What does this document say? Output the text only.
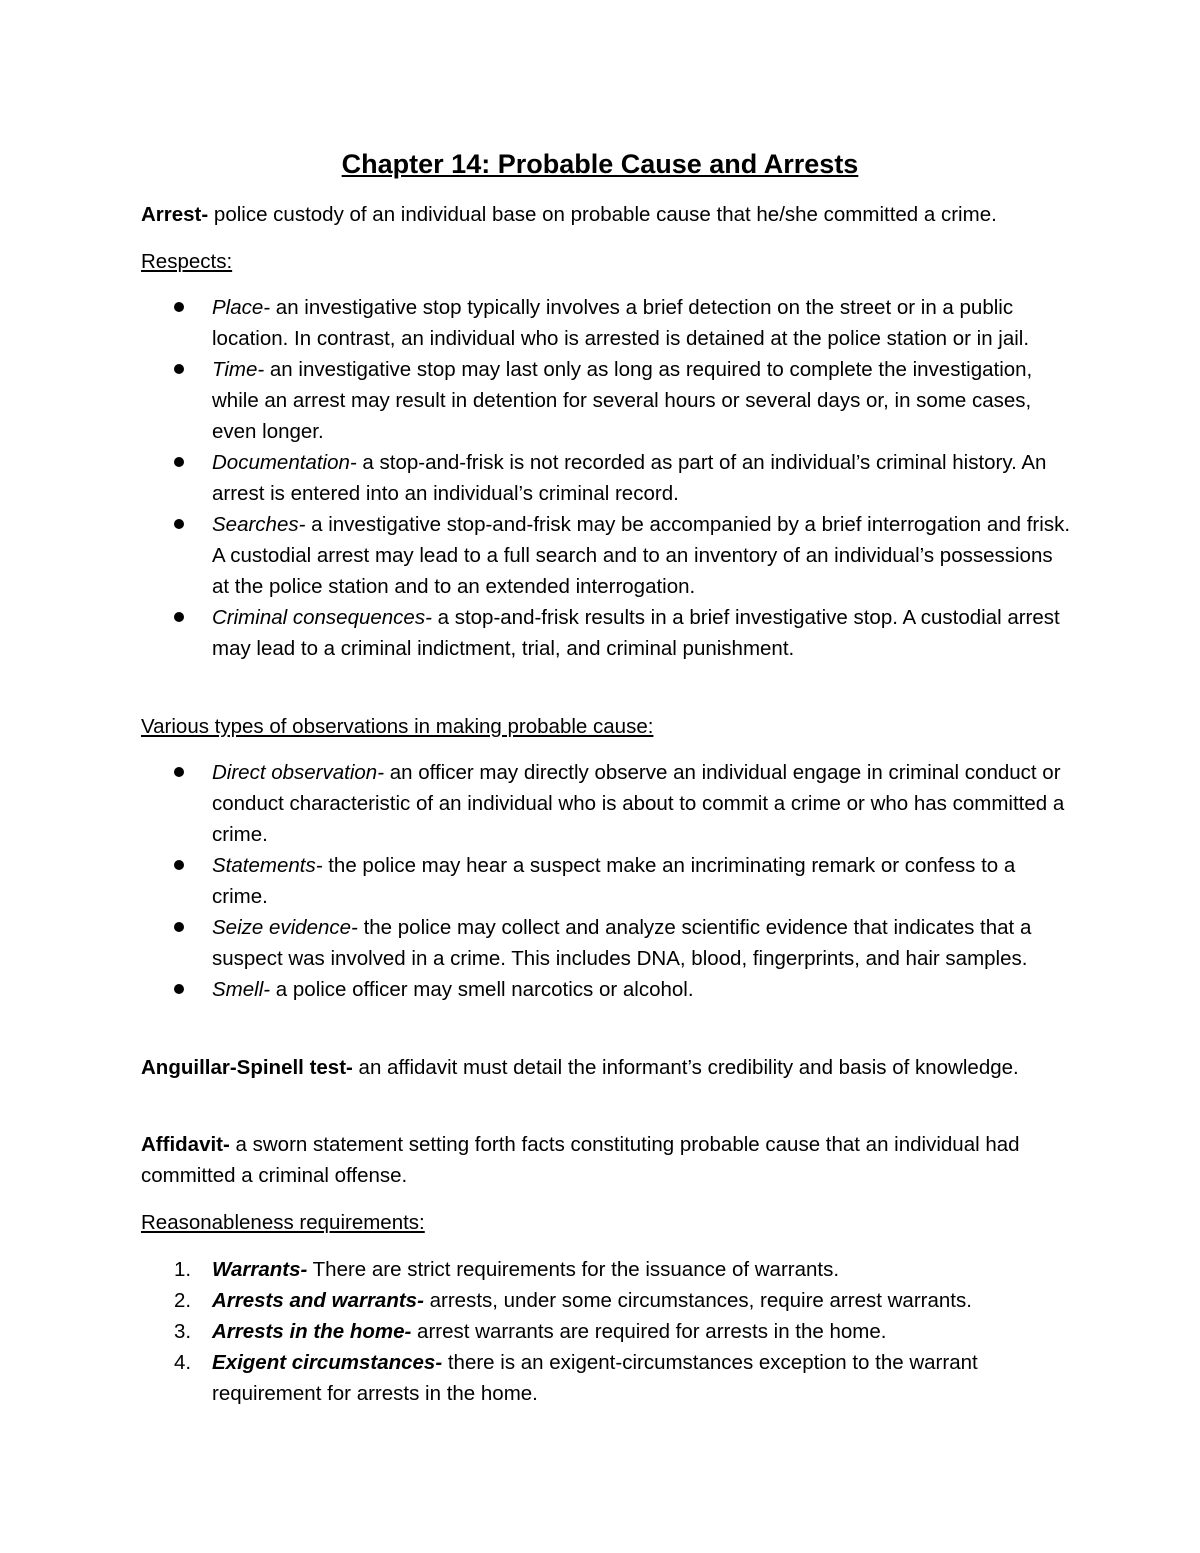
Chapter 14: Probable Cause and Arrests

Arrest- police custody of an individual base on probable cause that he/she committed a crime.

Respects:

Place- an investigative stop typically involves a brief detection on the street or in a public location. In contrast, an individual who is arrested is detained at the police station or in jail.
Time- an investigative stop may last only as long as required to complete the investigation, while an arrest may result in detention for several hours or several days or, in some cases, even longer.
Documentation- a stop-and-frisk is not recorded as part of an individual’s criminal history. An arrest is entered into an individual’s criminal record.
Searches- a investigative stop-and-frisk may be accompanied by a brief interrogation and frisk. A custodial arrest may lead to a full search and to an inventory of an individual’s possessions at the police station and to an extended interrogation.
Criminal consequences- a stop-and-frisk results in a brief investigative stop. A custodial arrest may lead to a criminal indictment, trial, and criminal punishment.

Various types of observations in making probable cause:

Direct observation- an officer may directly observe an individual engage in criminal conduct or conduct characteristic of an individual who is about to commit a crime or who has committed a crime.
Statements- the police may hear a suspect make an incriminating remark or confess to a crime.
Seize evidence- the police may collect and analyze scientific evidence that indicates that a suspect was involved in a crime. This includes DNA, blood, fingerprints, and hair samples.
Smell- a police officer may smell narcotics or alcohol.

Anguillar-Spinell test- an affidavit must detail the informant’s credibility and basis of knowledge.

Affidavit- a sworn statement setting forth facts constituting probable cause that an individual had committed a criminal offense.

Reasonableness requirements:

1. Warrants- There are strict requirements for the issuance of warrants.
2. Arrests and warrants- arrests, under some circumstances, require arrest warrants.
3. Arrests in the home- arrest warrants are required for arrests in the home.
4. Exigent circumstances- there is an exigent-circumstances exception to the warrant requirement for arrests in the home.
